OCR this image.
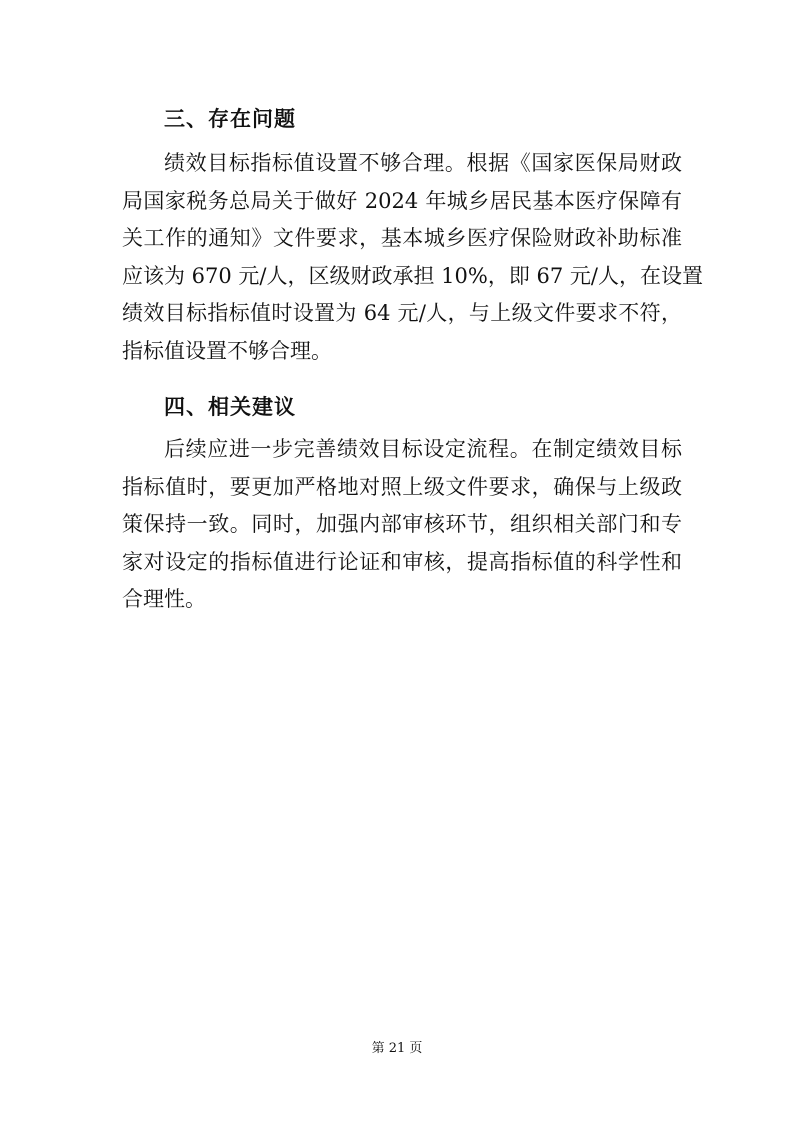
三、存在问题
绩效目标指标值设置不够合理。根据《国家医保局财政
局国家税务总局关于做好 2024 年城乡居民基本医疗保障有
关工作的通知》文件要求，基本城乡医疗保险财政补助标准
应该为 670 元/人，区级财政承担 10%，即 67 元/人，在设置
绩效目标指标值时设置为 64 元/人，与上级文件要求不符，
指标值设置不够合理。
四、相关建议
后续应进一步完善绩效目标设定流程。在制定绩效目标
指标值时，要更加严格地对照上级文件要求，确保与上级政
策保持一致。同时，加强内部审核环节，组织相关部门和专
家对设定的指标值进行论证和审核，提高指标值的科学性和
合理性。
第 21 页
